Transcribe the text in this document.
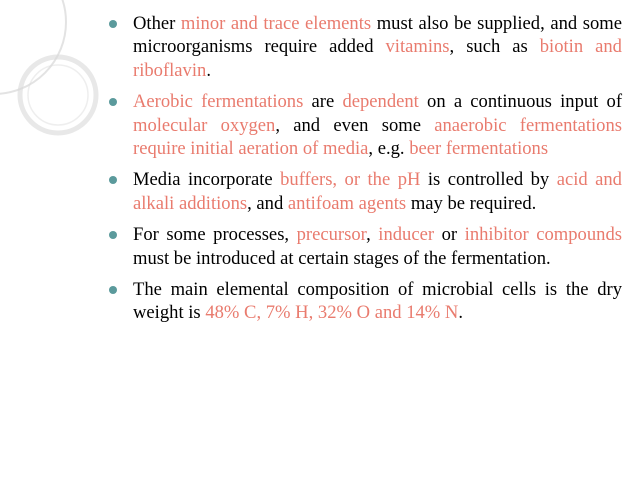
Other minor and trace elements must also be supplied, and some microorganisms require added vitamins, such as biotin and riboflavin.
Aerobic fermentations are dependent on a continuous input of molecular oxygen, and even some anaerobic fermentations require initial aeration of media, e.g. beer fermentations
Media incorporate buffers, or the pH is controlled by acid and alkali additions, and antifoam agents may be required.
For some processes, precursor, inducer or inhibitor compounds must be introduced at certain stages of the fermentation.
The main elemental composition of microbial cells is the dry weight is 48% C, 7% H, 32% O and 14% N.
